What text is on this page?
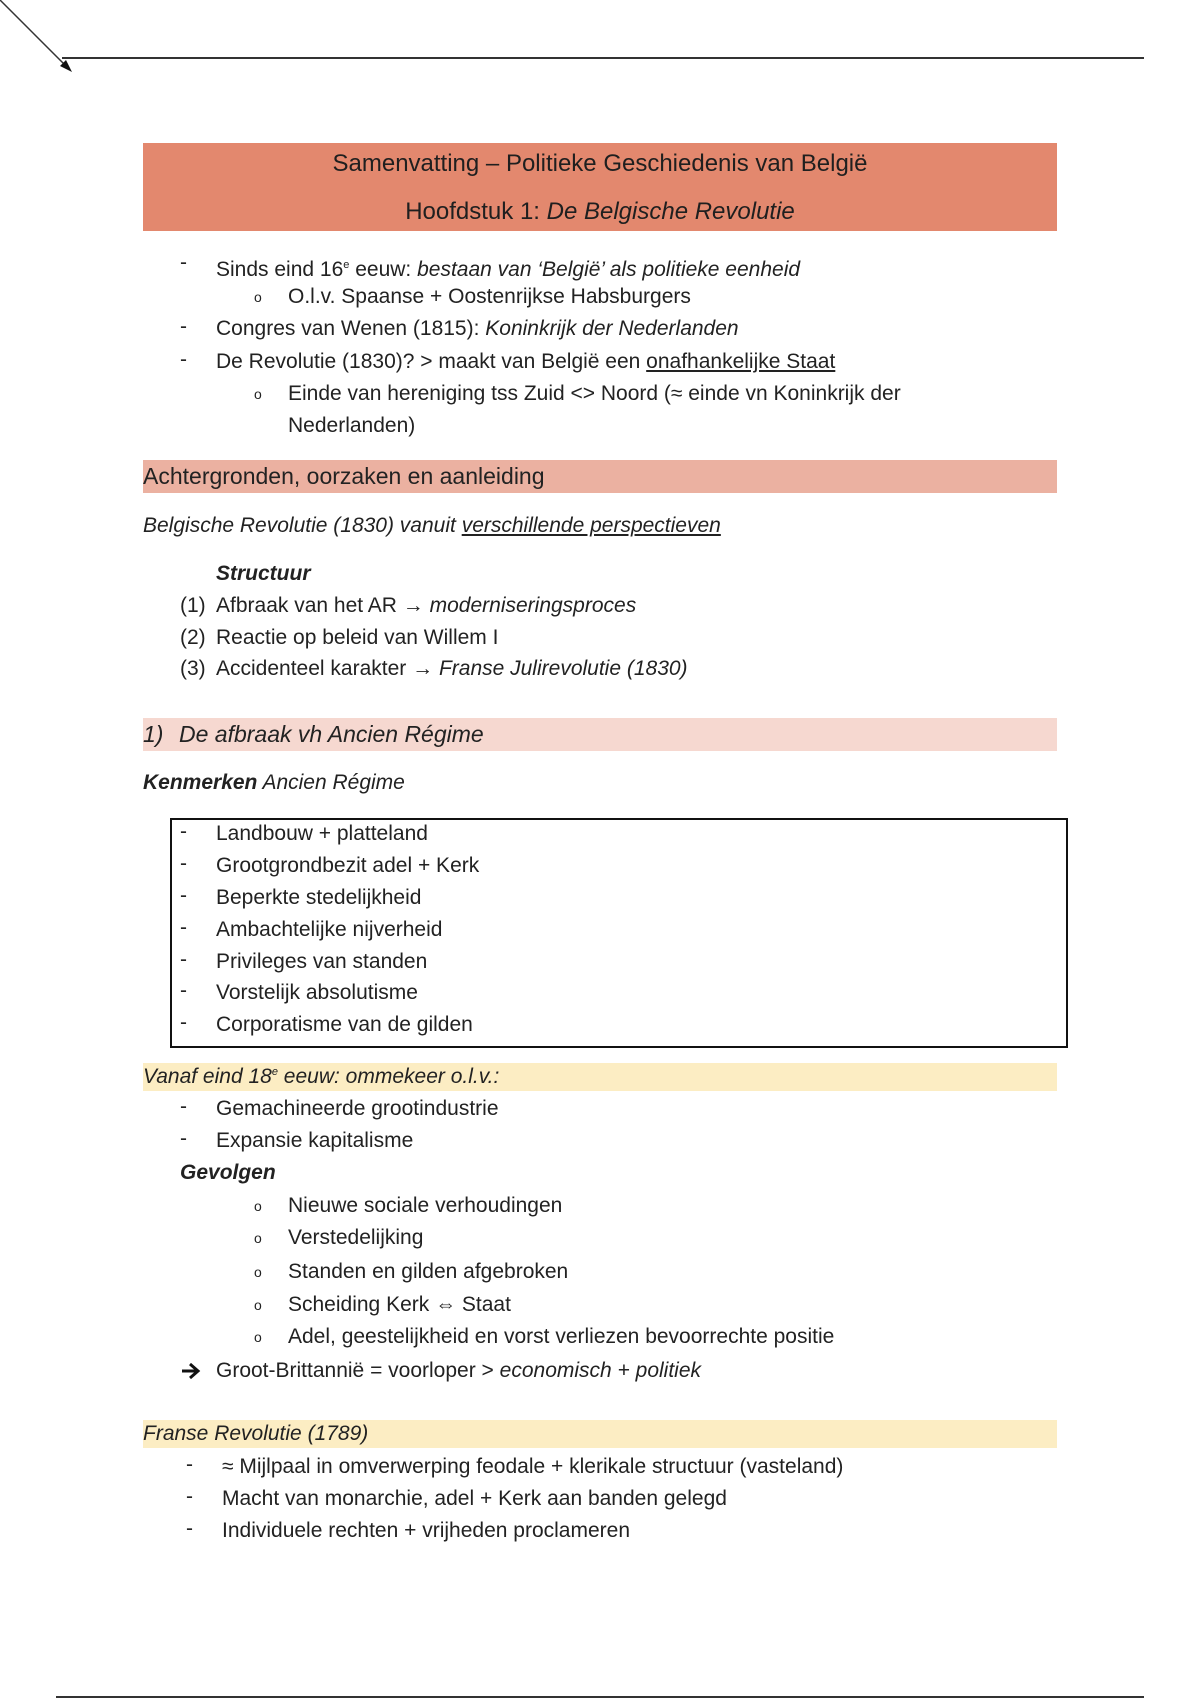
Samenvatting – Politieke Geschiedenis van België
Hoofdstuk 1: De Belgische Revolutie
-	Sinds eind 16e eeuw: bestaan van ‘België’ als politieke eenheid
o O.l.v. Spaanse + Oostenrijkse Habsburgers
-	Congres van Wenen (1815): Koninkrijk der Nederlanden
-	De Revolutie (1830)? > maakt van België een onafhankelijke Staat
o Einde van hereniging tss Zuid <> Noord (≈ einde vn Koninkrijk der
Nederlanden)
Achtergronden, oorzaken en aanleiding
Belgische Revolutie (1830) vanuit verschillende perspectieven
Structuur
(1) Afbraak van het AR → moderniseringsproces
(2) Reactie op beleid van Willem I
(3) Accidenteel karakter → Franse Julirevolutie (1830)
1) De afbraak vh Ancien Régime
Kenmerken Ancien Régime
-	Landbouw + platteland
-	Grootgrondbezit adel + Kerk
-	Beperkte stedelijkheid
-	Ambachtelijke nijverheid
-	Privileges van standen
-	Vorstelijk absolutisme
-	Corporatisme van de gilden
Vanaf eind 18e eeuw: ommekeer o.l.v.:
-	Gemachineerde grootindustrie
-	Expansie kapitalisme
Gevolgen
o Nieuwe sociale verhoudingen
o Verstedelijking
o Standen en gilden afgebroken
o Scheiding Kerk ⇔ Staat
o Adel, geestelijkheid en vorst verliezen bevoorrechte positie
Groot-Brittannië = voorloper > economisch + politiek
Franse Revolutie (1789)
-	≈ Mijlpaal in omverwerping feodale + klerikale structuur (vasteland)
-	Macht van monarchie, adel + Kerk aan banden gelegd
-	Individuele rechten + vrijheden proclameren
